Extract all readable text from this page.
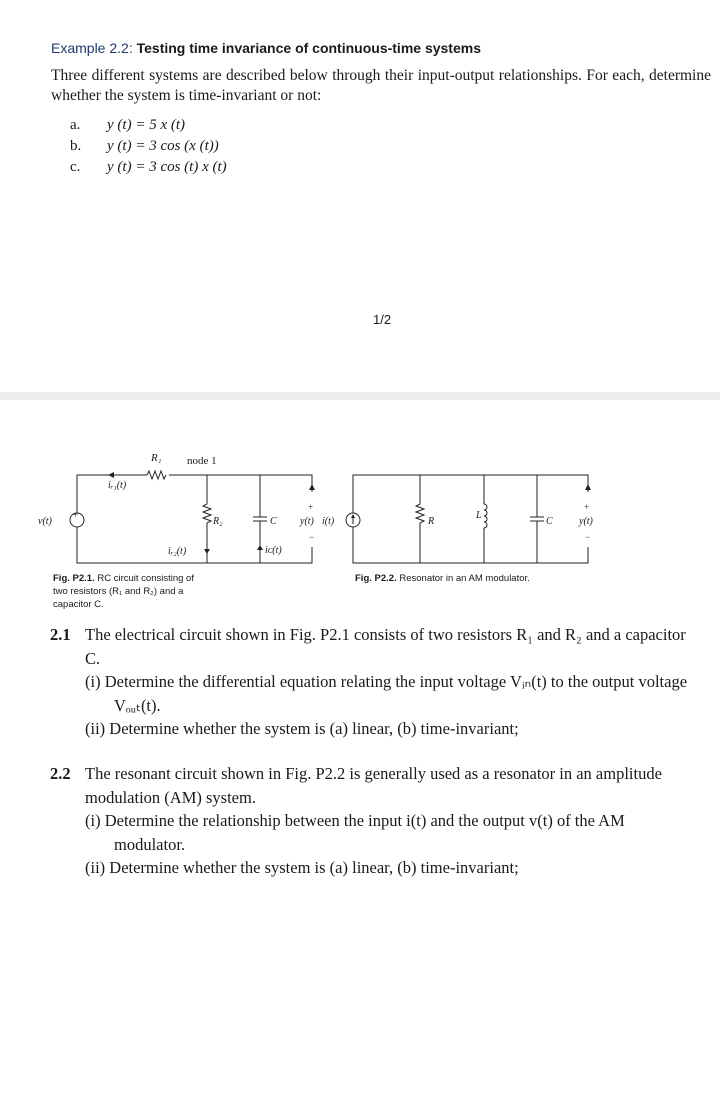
Example 2.2: Testing time invariance of continuous-time systems
Three different systems are described below through their input-output relationships. For each, determine whether the system is time-invariant or not:
a.	y (t) = 5 x (t)
b.	y (t) = 3 cos (x (t))
c.	y (t) = 3 cos (t) x (t)
1/2
R₁ node 1
iᵣ₁(t)
v(t)
+
R₂	C
iᵣ₂(t)	iᴄ(t)
+
y(t)
−
i(t)	R
L
C
+
y(t)
−
Fig. P2.1. RC circuit consisting of two resistors (R₁ and R₂) and a capacitor C.
Fig. P2.2. Resonator in an AM modulator.
2.1 The electrical circuit shown in Fig. P2.1 consists of two resistors R₁ and R₂ and a capacitor C.
(i) Determine the differential equation relating the input voltage Vᵢₙ(t) to the output voltage Vₒᵤₜ(t).
(ii) Determine whether the system is (a) linear, (b) time-invariant;
2.2 The resonant circuit shown in Fig. P2.2 is generally used as a resonator in an amplitude modulation (AM) system.
(i) Determine the relationship between the input i(t) and the output v(t) of the AM modulator.
(ii) Determine whether the system is (a) linear, (b) time-invariant;
